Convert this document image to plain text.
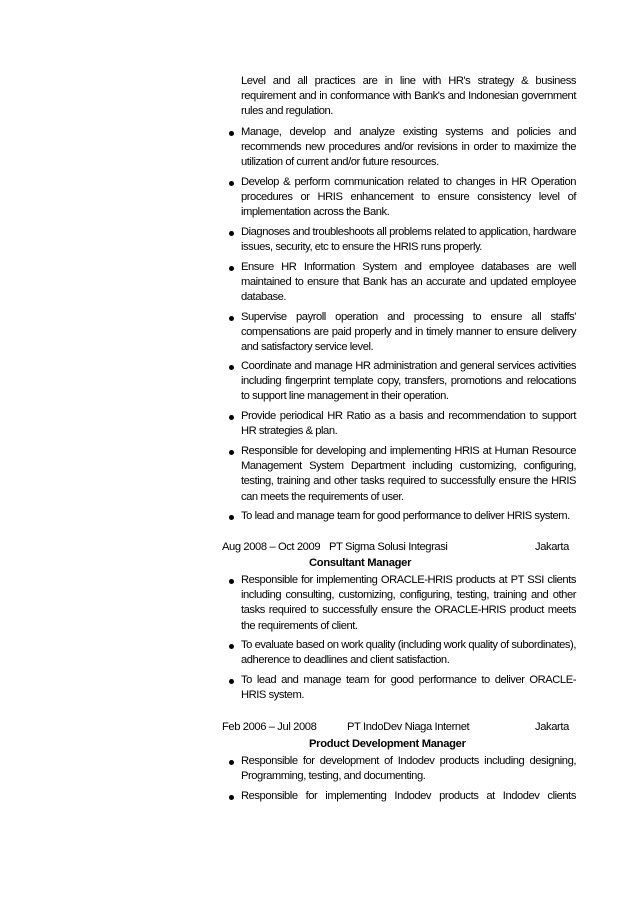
Level and all practices are in line with HR's strategy & business requirement and in conformance with Bank's and Indonesian government rules and regulation.
Manage, develop and analyze existing systems and policies and recommends new procedures and/or revisions in order to maximize the utilization of current and/or future resources.
Develop & perform communication related to changes in HR Operation procedures or HRIS enhancement to ensure consistency level of implementation across the Bank.
Diagnoses and troubleshoots all problems related to application, hardware issues, security, etc to ensure the HRIS runs properly.
Ensure HR Information System and employee databases are well maintained to ensure that Bank has an accurate and updated employee database.
Supervise payroll operation and processing to ensure all staffs' compensations are paid properly and in timely manner to ensure delivery and satisfactory service level.
Coordinate and manage HR administration and general services activities including fingerprint template copy, transfers, promotions and relocations to support line management in their operation.
Provide periodical HR Ratio as a basis and recommendation to support HR strategies & plan.
Responsible for developing and implementing HRIS at Human Resource Management System Department including customizing, configuring, testing, training and other tasks required to successfully ensure the HRIS can meets the requirements of user.
To lead and manage team for good performance to deliver HRIS system.
Aug 2008 – Oct 2009 PT Sigma Solusi Integrasi	Jakarta
Consultant Manager
Responsible for implementing ORACLE-HRIS products at PT SSI clients including consulting, customizing, configuring, testing, training and other tasks required to successfully ensure the ORACLE-HRIS product meets the requirements of client.
To evaluate based on work quality (including work quality of subordinates), adherence to deadlines and client satisfaction.
To lead and manage team for good performance to deliver ORACLE-HRIS system.
Feb 2006 – Jul 2008	PT IndoDev Niaga Internet	Jakarta
Product Development Manager
Responsible for development of Indodev products including designing, Programming, testing, and documenting.
Responsible for implementing Indodev products at Indodev clients
